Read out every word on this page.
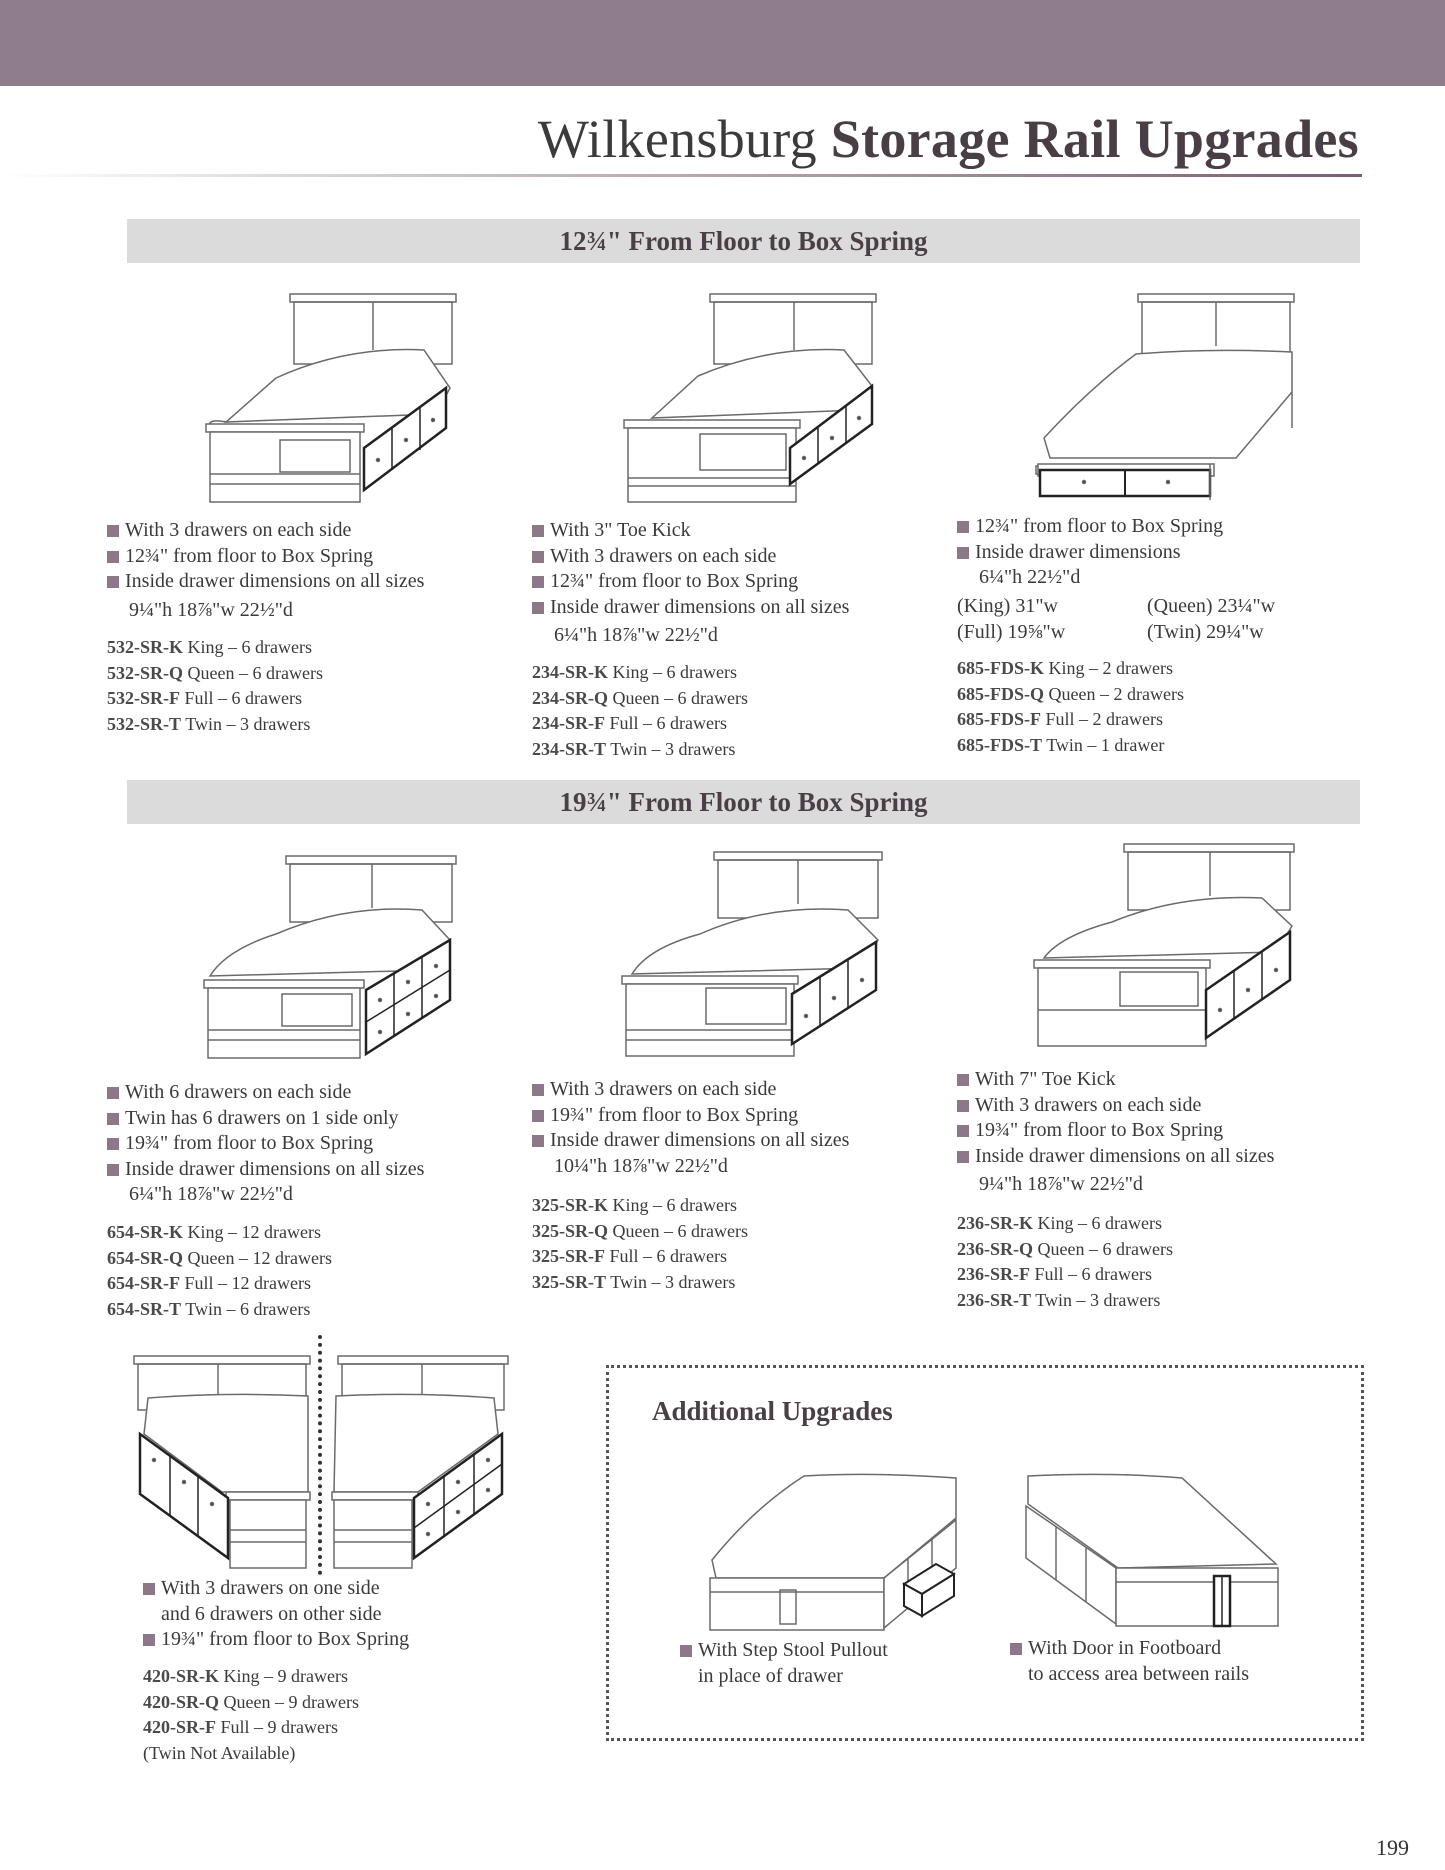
Wilkensburg Storage Rail Upgrades
12¾" From Floor to Box Spring
19¾" From Floor to Box Spring
With 3 drawers on each side
12¾" from floor to Box Spring
Inside drawer dimensions on all sizes
9¼"h 18⅞"w 22½"d
532-SR-K King – 6 drawers
532-SR-Q Queen – 6 drawers
532-SR-F Full – 6 drawers
532-SR-T Twin – 3 drawers
With 3" Toe Kick
With 3 drawers on each side
12¾" from floor to Box Spring
Inside drawer dimensions on all sizes
6¼"h 18⅞"w 22½"d
234-SR-K King – 6 drawers
234-SR-Q Queen – 6 drawers
234-SR-F Full – 6 drawers
234-SR-T Twin – 3 drawers
12¾" from floor to Box Spring
Inside drawer dimensions
6¼"h 22½"d
(King) 31"w	(Queen) 23¼"w
(Full) 19⅝"w	(Twin) 29¼"w
685-FDS-K King – 2 drawers
685-FDS-Q Queen – 2 drawers
685-FDS-F Full – 2 drawers
685-FDS-T Twin – 1 drawer
With 6 drawers on each side
Twin has 6 drawers on 1 side only
19¾" from floor to Box Spring
Inside drawer dimensions on all sizes
6¼"h 18⅞"w 22½"d
654-SR-K King – 12 drawers
654-SR-Q Queen – 12 drawers
654-SR-F Full – 12 drawers
654-SR-T Twin – 6 drawers
With 3 drawers on each side
19¾" from floor to Box Spring
Inside drawer dimensions on all sizes
10¼"h 18⅞"w 22½"d
325-SR-K King – 6 drawers
325-SR-Q Queen – 6 drawers
325-SR-F Full – 6 drawers
325-SR-T Twin – 3 drawers
With 7" Toe Kick
With 3 drawers on each side
19¾" from floor to Box Spring
Inside drawer dimensions on all sizes
9¼"h 18⅞"w 22½"d
236-SR-K King – 6 drawers
236-SR-Q Queen – 6 drawers
236-SR-F Full – 6 drawers
236-SR-T Twin – 3 drawers
With 3 drawers on one side
and 6 drawers on other side
19¾" from floor to Box Spring
420-SR-K King – 9 drawers
420-SR-Q Queen – 9 drawers
420-SR-F Full – 9 drawers
(Twin Not Available)
Additional Upgrades
With Step Stool Pullout
in place of drawer
With Door in Footboard
to access area between rails
199
